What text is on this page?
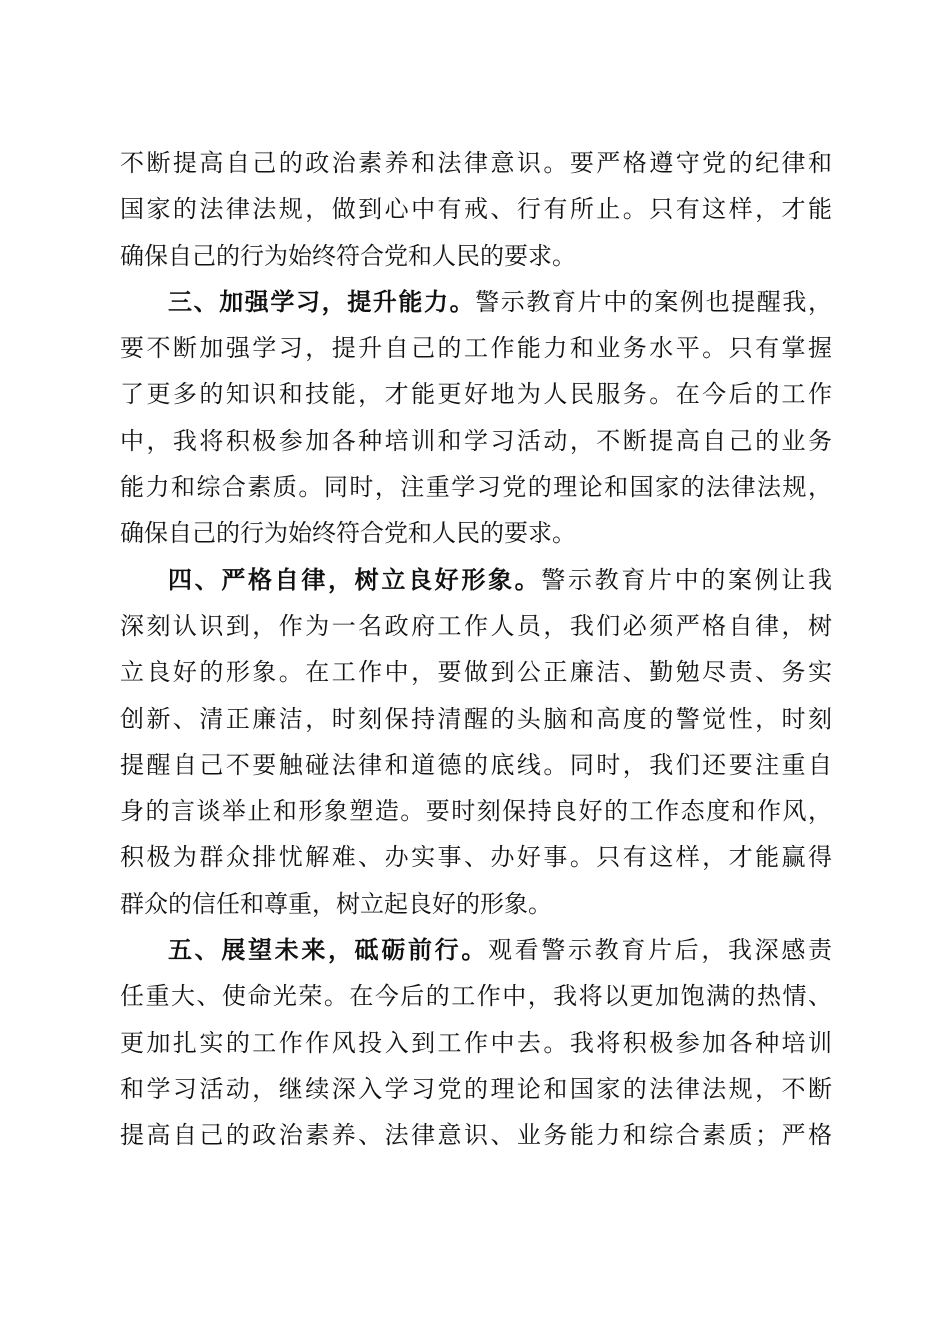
不断提高自己的政治素养和法律意识。要严格遵守党的纪律和
国家的法律法规，做到心中有戒、行有所止。只有这样，才能
确保自己的行为始终符合党和人民的要求。
三、加强学习，提升能力。警示教育片中的案例也提醒我，
要不断加强学习，提升自己的工作能力和业务水平。只有掌握
了更多的知识和技能，才能更好地为人民服务。在今后的工作
中，我将积极参加各种培训和学习活动，不断提高自己的业务
能力和综合素质。同时，注重学习党的理论和国家的法律法规，
确保自己的行为始终符合党和人民的要求。
四、严格自律，树立良好形象。警示教育片中的案例让我
深刻认识到，作为一名政府工作人员，我们必须严格自律，树
立良好的形象。在工作中，要做到公正廉洁、勤勉尽责、务实
创新、清正廉洁，时刻保持清醒的头脑和高度的警觉性，时刻
提醒自己不要触碰法律和道德的底线。同时，我们还要注重自
身的言谈举止和形象塑造。要时刻保持良好的工作态度和作风，
积极为群众排忧解难、办实事、办好事。只有这样，才能赢得
群众的信任和尊重，树立起良好的形象。
五、展望未来，砥砺前行。观看警示教育片后，我深感责
任重大、使命光荣。在今后的工作中，我将以更加饱满的热情、
更加扎实的工作作风投入到工作中去。我将积极参加各种培训
和学习活动，继续深入学习党的理论和国家的法律法规，不断
提高自己的政治素养、法律意识、业务能力和综合素质；严格
